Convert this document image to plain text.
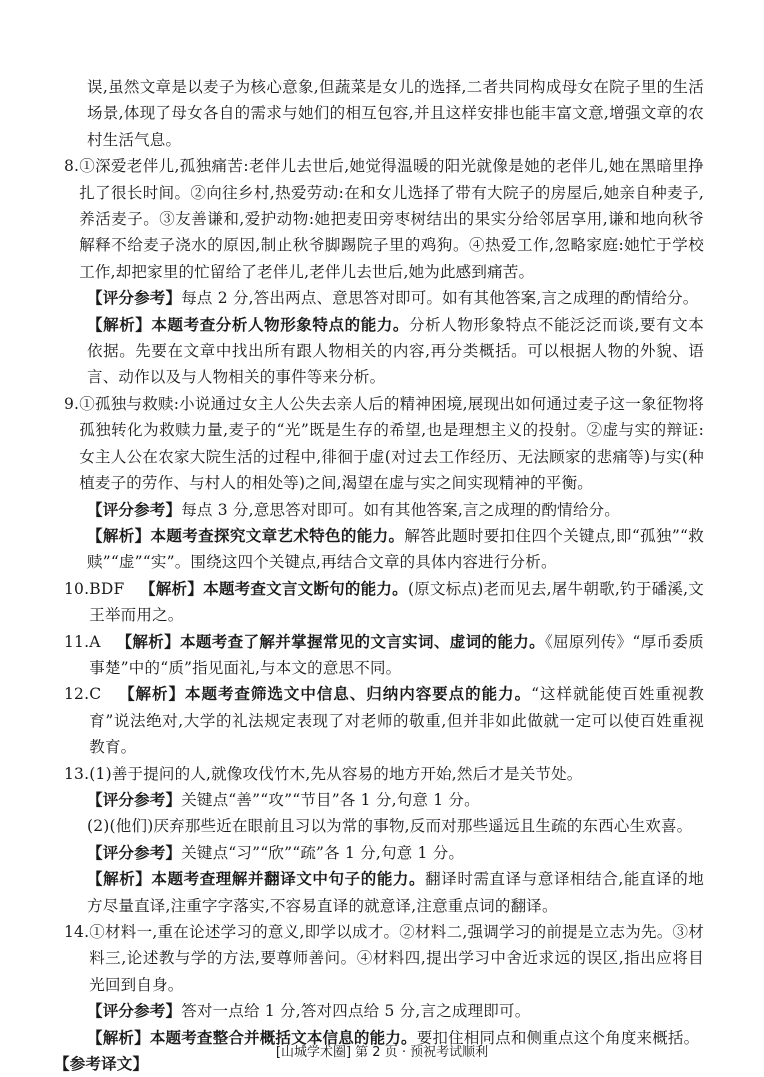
误,虽然文章是以麦子为核心意象,但蔬菜是女儿的选择,二者共同构成母女在院子里的生活场景,体现了母女各自的需求与她们的相互包容,并且这样安排也能丰富文意,增强文章的农村生活气息。

8. ①深爱老伴儿,孤独痛苦:老伴儿去世后,她觉得温暖的阳光就像是她的老伴儿,她在黑暗里挣扎了很长时间。②向往乡村,热爱劳动:在和女儿选择了带有大院子的房屋后,她亲自种麦子,养活麦子。③友善谦和,爱护动物:她把麦田旁枣树结出的果实分给邻居享用,谦和地向秋爷解释不给麦子浇水的原因,制止秋爷脚踢院子里的鸡狗。④热爱工作,忽略家庭:她忙于学校工作,却把家里的忙留给了老伴儿,老伴儿去世后,她为此感到痛苦。

【评分参考】每点 2 分,答出两点、意思答对即可。如有其他答案,言之成理的酌情给分。

【解析】本题考查分析人物形象特点的能力。分析人物形象特点不能泛泛而谈,要有文本依据。先要在文章中找出所有跟人物相关的内容,再分类概括。可以根据人物的外貌、语言、动作以及与人物相关的事件等来分析。

9. ①孤独与救赎:小说通过女主人公失去亲人后的精神困境,展现出如何通过麦子这一象征物将孤独转化为救赎力量,麦子的“光”既是生存的希望,也是理想主义的投射。②虚与实的辩证:女主人公在农家大院生活的过程中,徘徊于虚(对过去工作经历、无法顾家的悲痛等)与实(种植麦子的劳作、与村人的相处等)之间,渴望在虚与实之间实现精神的平衡。

【评分参考】每点 3 分,意思答对即可。如有其他答案,言之成理的酌情给分。

【解析】本题考查探究文章艺术特色的能力。解答此题时要扣住四个关键点,即“孤独”“救赎”“虚”“实”。围绕这四个关键点,再结合文章的具体内容进行分析。

10. BDF 【解析】本题考查文言文断句的能力。(原文标点)老而见去,屠牛朝歌,钓于磻溪,文王举而用之。
11. A 【解析】本题考查了解并掌握常见的文言实词、虚词的能力。《屈原列传》“厚币委质事楚”中的“质”指见面礼,与本文的意思不同。
12. C 【解析】本题考查筛选文中信息、归纳内容要点的能力。“这样就能使百姓重视教育”说法绝对,大学的礼法规定表现了对老师的敬重,但并非如此做就一定可以使百姓重视教育。
13. (1)善于提问的人,就像攻伐竹木,先从容易的地方开始,然后才是关节处。

【评分参考】关键点“善”“攻”“节目”各 1 分,句意 1 分。

(2)(他们)厌弃那些近在眼前且习以为常的事物,反而对那些遥远且生疏的东西心生欢喜。

【评分参考】关键点“习”“欣”“疏”各 1 分,句意 1 分。

【解析】本题考查理解并翻译文中句子的能力。翻译时需直译与意译相结合,能直译的地方尽量直译,注重字字落实,不容易直译的就意译,注意重点词的翻译。

14. ①材料一,重在论述学习的意义,即学以成才。②材料二,强调学习的前提是立志为先。③材料三,论述教与学的方法,要尊师善问。④材料四,提出学习中舍近求远的误区,指出应将目光回到自身。

【评分参考】答对一点给 1 分,答对四点给 5 分,言之成理即可。

【解析】本题考查整合并概括文本信息的能力。要扣住相同点和侧重点这个角度来概括。

【参考译文】

[山城学术圈] 第 2 页 · 预祝考试顺利
